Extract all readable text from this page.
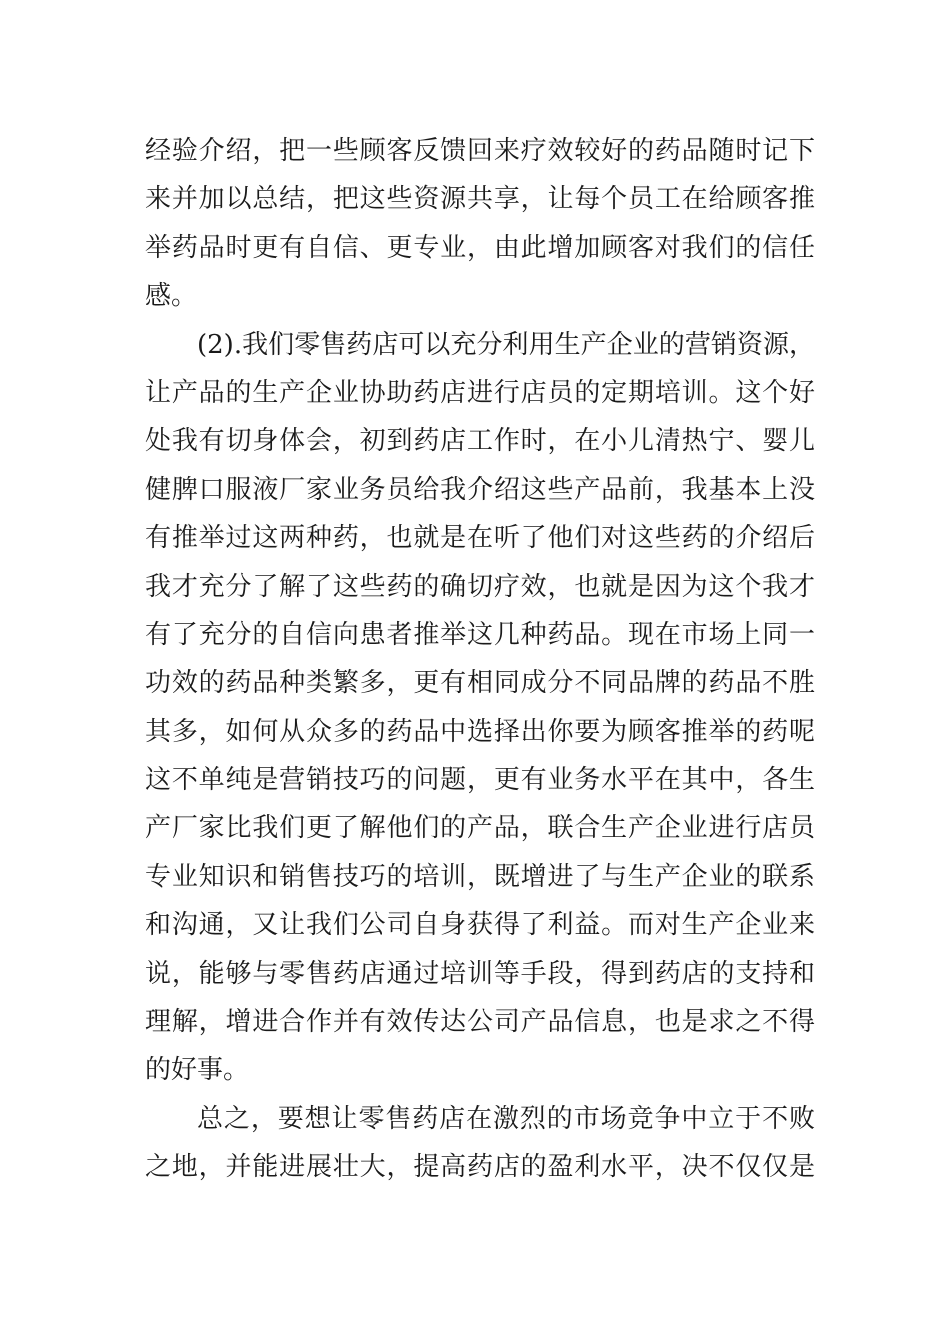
经验介绍，把一些顾客反馈回来疗效较好的药品随时记下
来并加以总结，把这些资源共享，让每个员工在给顾客推
举药品时更有自信、更专业，由此增加顾客对我们的信任
感。
(2).我们零售药店可以充分利用生产企业的营销资源，
让产品的生产企业协助药店进行店员的定期培训。这个好
处我有切身体会，初到药店工作时，在小儿清热宁、婴儿
健脾口服液厂家业务员给我介绍这些产品前，我基本上没
有推举过这两种药，也就是在听了他们对这些药的介绍后
我才充分了解了这些药的确切疗效，也就是因为这个我才
有了充分的自信向患者推举这几种药品。现在市场上同一
功效的药品种类繁多，更有相同成分不同品牌的药品不胜
其多，如何从众多的药品中选择出你要为顾客推举的药呢
这不单纯是营销技巧的问题，更有业务水平在其中，各生
产厂家比我们更了解他们的产品，联合生产企业进行店员
专业知识和销售技巧的培训，既增进了与生产企业的联系
和沟通，又让我们公司自身获得了利益。而对生产企业来
说，能够与零售药店通过培训等手段，得到药店的支持和
理解，增进合作并有效传达公司产品信息，也是求之不得
的好事。
总之，要想让零售药店在激烈的市场竞争中立于不败
之地，并能进展壮大，提高药店的盈利水平，决不仅仅是
